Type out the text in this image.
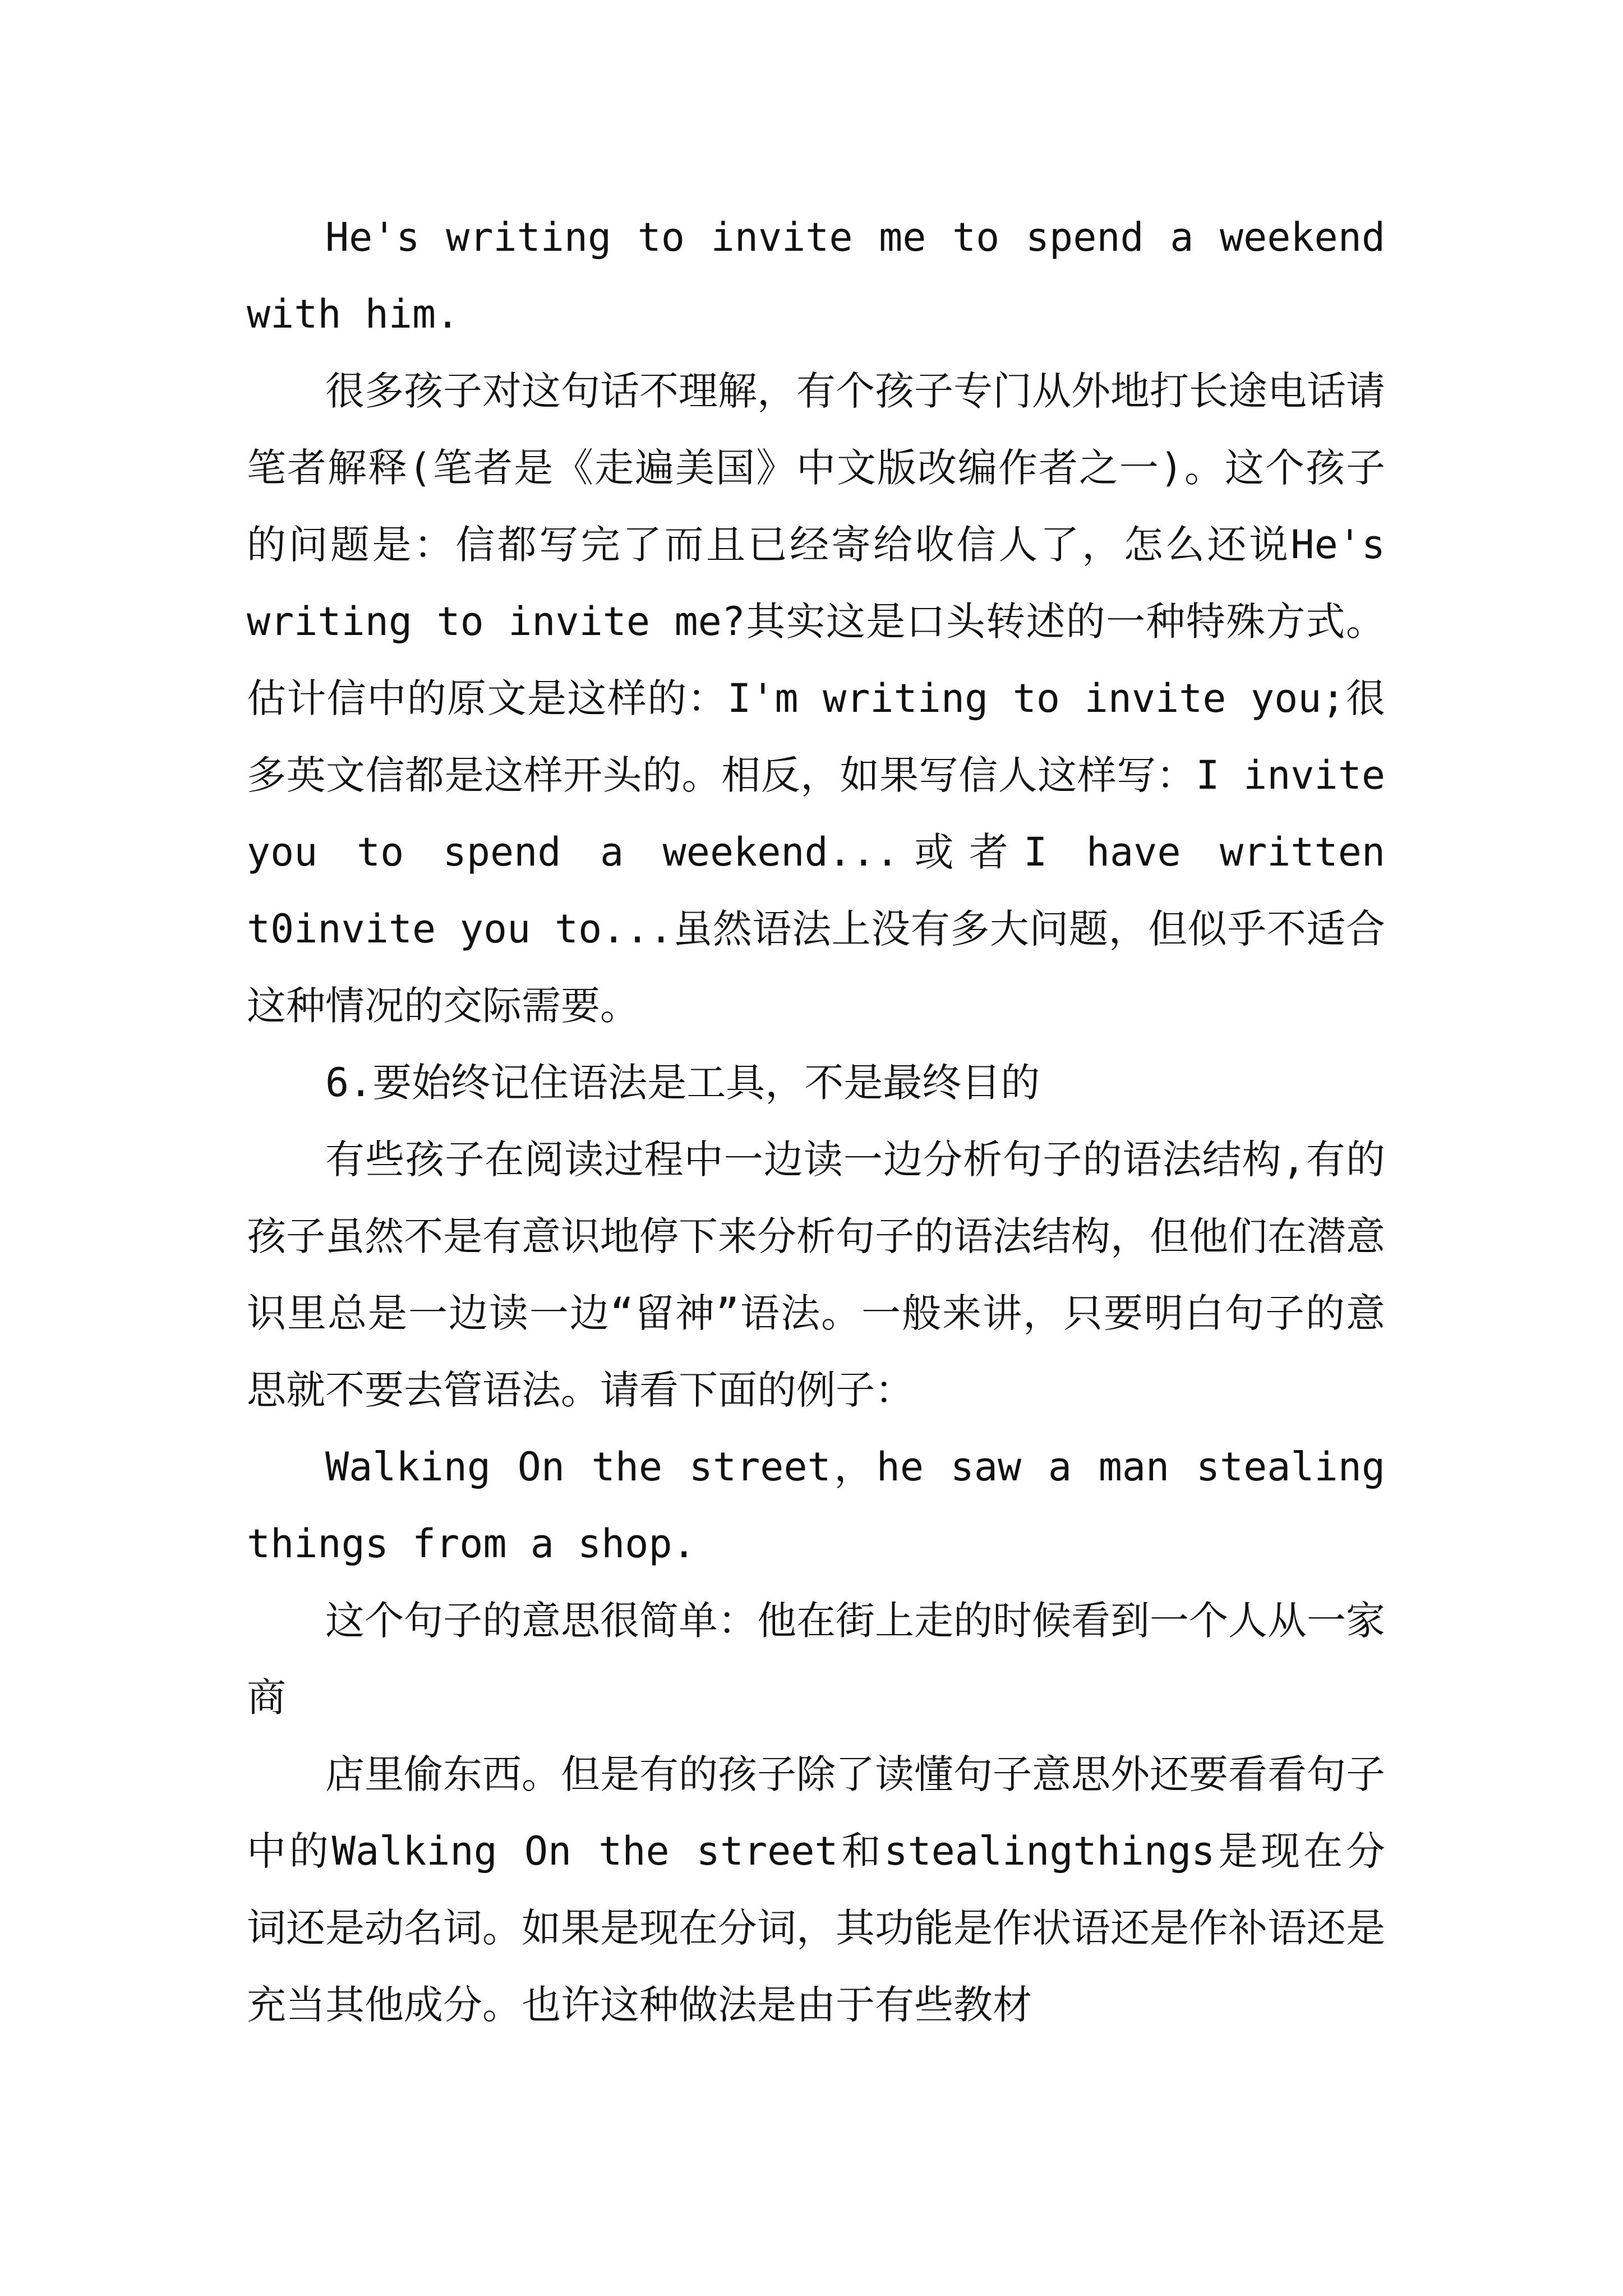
He's writing to invite me to spend a weekend with him.

很多孩子对这句话不理解，有个孩子专门从外地打长途电话请笔者解释(笔者是《走遍美国》中文版改编作者之一)。这个孩子的问题是：信都写完了而且已经寄给收信人了，怎么还说He's writing to invite me?其实这是口头转述的一种特殊方式。估计信中的原文是这样的：I'm writing to invite you;很多英文信都是这样开头的。相反，如果写信人这样写：I invite you to spend a weekend...或者I have written t0invite you to...虽然语法上没有多大问题，但似乎不适合这种情况的交际需要。

6.要始终记住语法是工具，不是最终目的

有些孩子在阅读过程中一边读一边分析句子的语法结构,有的孩子虽然不是有意识地停下来分析句子的语法结构，但他们在潜意识里总是一边读一边“留神”语法。一般来讲，只要明白句子的意思就不要去管语法。请看下面的例子：

Walking On the street，he saw a man stealing things from a shop.

这个句子的意思很简单：他在街上走的时候看到一个人从一家商

店里偷东西。但是有的孩子除了读懂句子意思外还要看看句子中的Walking On the street和stealingthings是现在分词还是动名词。如果是现在分词，其功能是作状语还是作补语还是充当其他成分。也许这种做法是由于有些教材
